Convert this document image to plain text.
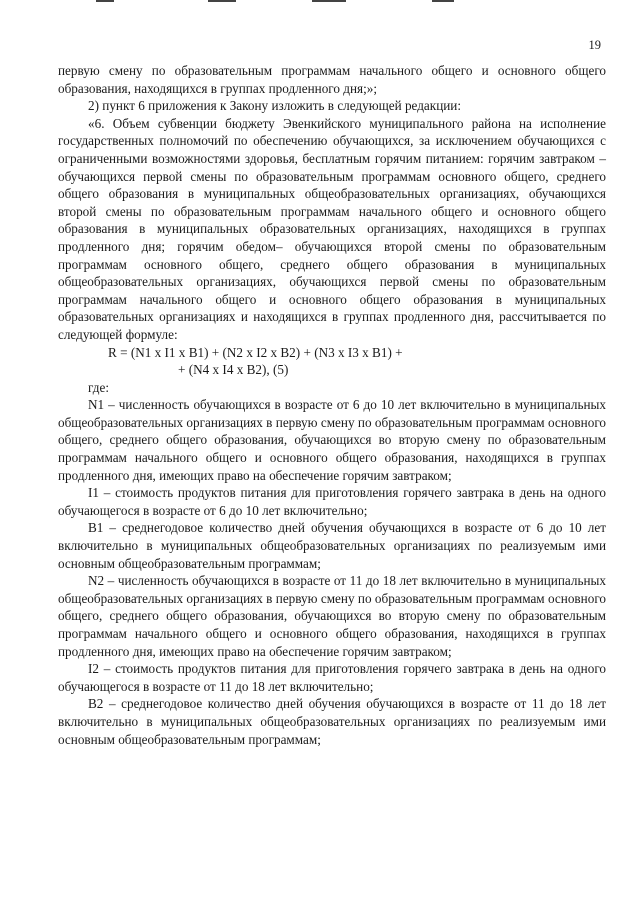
19

первую смену по образовательным программам начального общего и основного общего образования, находящихся в группах продленного дня;»;

2) пункт 6 приложения к Закону изложить в следующей редакции:

«6. Объем субвенции бюджету Эвенкийского муниципального района на исполнение государственных полномочий по обеспечению обучающихся, за исключением обучающихся с ограниченными возможностями здоровья, бесплатным горячим питанием: горячим завтраком – обучающихся первой смены по образовательным программам основного общего, среднего общего образования в муниципальных общеобразовательных организациях, обучающихся второй смены по образовательным программам начального общего и основного общего образования в муниципальных образовательных организациях, находящихся в группах продленного дня; горячим обедом– обучающихся второй смены по образовательным программам основного общего, среднего общего образования в муниципальных общеобразовательных организациях, обучающихся первой смены по образовательным программам начального общего и основного общего образования в муниципальных образовательных организациях и находящихся в группах продленного дня, рассчитывается по следующей формуле:

R = (N1 x I1 x B1) + (N2 x I2 x B2) + (N3 x I3 x B1) +

+ (N4 x I4 x B2), (5)

где:

N1 – численность обучающихся в возрасте от 6 до 10 лет включительно в муниципальных общеобразовательных организациях в первую смену по образовательным программам основного общего, среднего общего образования, обучающихся во вторую смену по образовательным программам начального общего и основного общего образования, находящихся в группах продленного дня, имеющих право на обеспечение горячим завтраком;

I1 – стоимость продуктов питания для приготовления горячего завтрака в день на одного обучающегося в возрасте от 6 до 10 лет включительно;

B1 – среднегодовое количество дней обучения обучающихся в возрасте от 6 до 10 лет включительно в муниципальных общеобразовательных организациях по реализуемым ими основным общеобразовательным программам;

N2 – численность обучающихся в возрасте от 11 до 18 лет включительно в муниципальных общеобразовательных организациях в первую смену по образовательным программам основного общего, среднего общего образования, обучающихся во вторую смену по образовательным программам начального общего и основного общего образования, находящихся в группах продленного дня, имеющих право на обеспечение горячим завтраком;

I2 – стоимость продуктов питания для приготовления горячего завтрака в день на одного обучающегося в возрасте от 11 до 18 лет включительно;

B2 – среднегодовое количество дней обучения обучающихся в возрасте от 11 до 18 лет включительно в муниципальных общеобразовательных организациях по реализуемым ими основным общеобразовательным программам;
